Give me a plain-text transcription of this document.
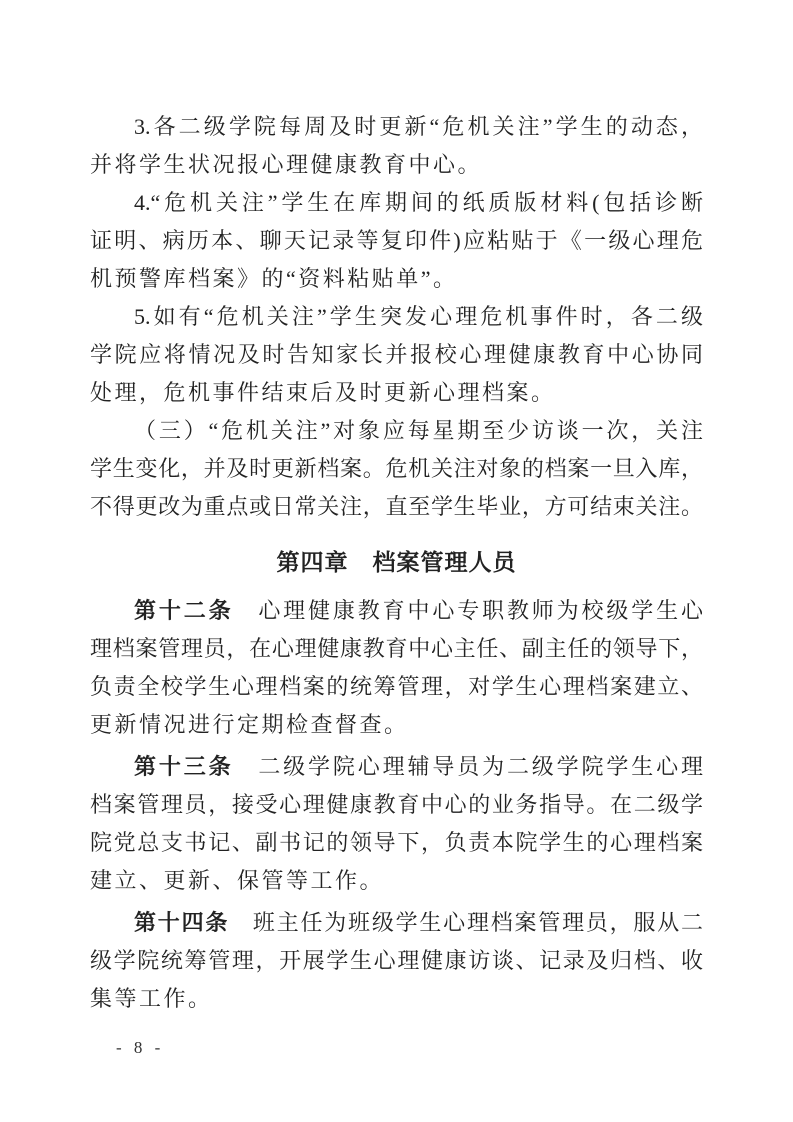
3.各二级学院每周及时更新“危机关注”学生的动态，
并将学生状况报心理健康教育中心。
4.“危机关注”学生在库期间的纸质版材料(包括诊断
证明、病历本、聊天记录等复印件)应粘贴于《一级心理危
机预警库档案》的“资料粘贴单”。
5.如有“危机关注”学生突发心理危机事件时，各二级
学院应将情况及时告知家长并报校心理健康教育中心协同
处理，危机事件结束后及时更新心理档案。
（三）“危机关注”对象应每星期至少访谈一次，关注
学生变化，并及时更新档案。危机关注对象的档案一旦入库，
不得更改为重点或日常关注，直至学生毕业，方可结束关注。
第四章　档案管理人员
第十二条　心理健康教育中心专职教师为校级学生心
理档案管理员，在心理健康教育中心主任、副主任的领导下，
负责全校学生心理档案的统筹管理，对学生心理档案建立、
更新情况进行定期检查督查。
第十三条　二级学院心理辅导员为二级学院学生心理
档案管理员，接受心理健康教育中心的业务指导。在二级学
院党总支书记、副书记的领导下，负责本院学生的心理档案
建立、更新、保管等工作。
第十四条　班主任为班级学生心理档案管理员，服从二
级学院统筹管理，开展学生心理健康访谈、记录及归档、收
集等工作。
- 8 -
